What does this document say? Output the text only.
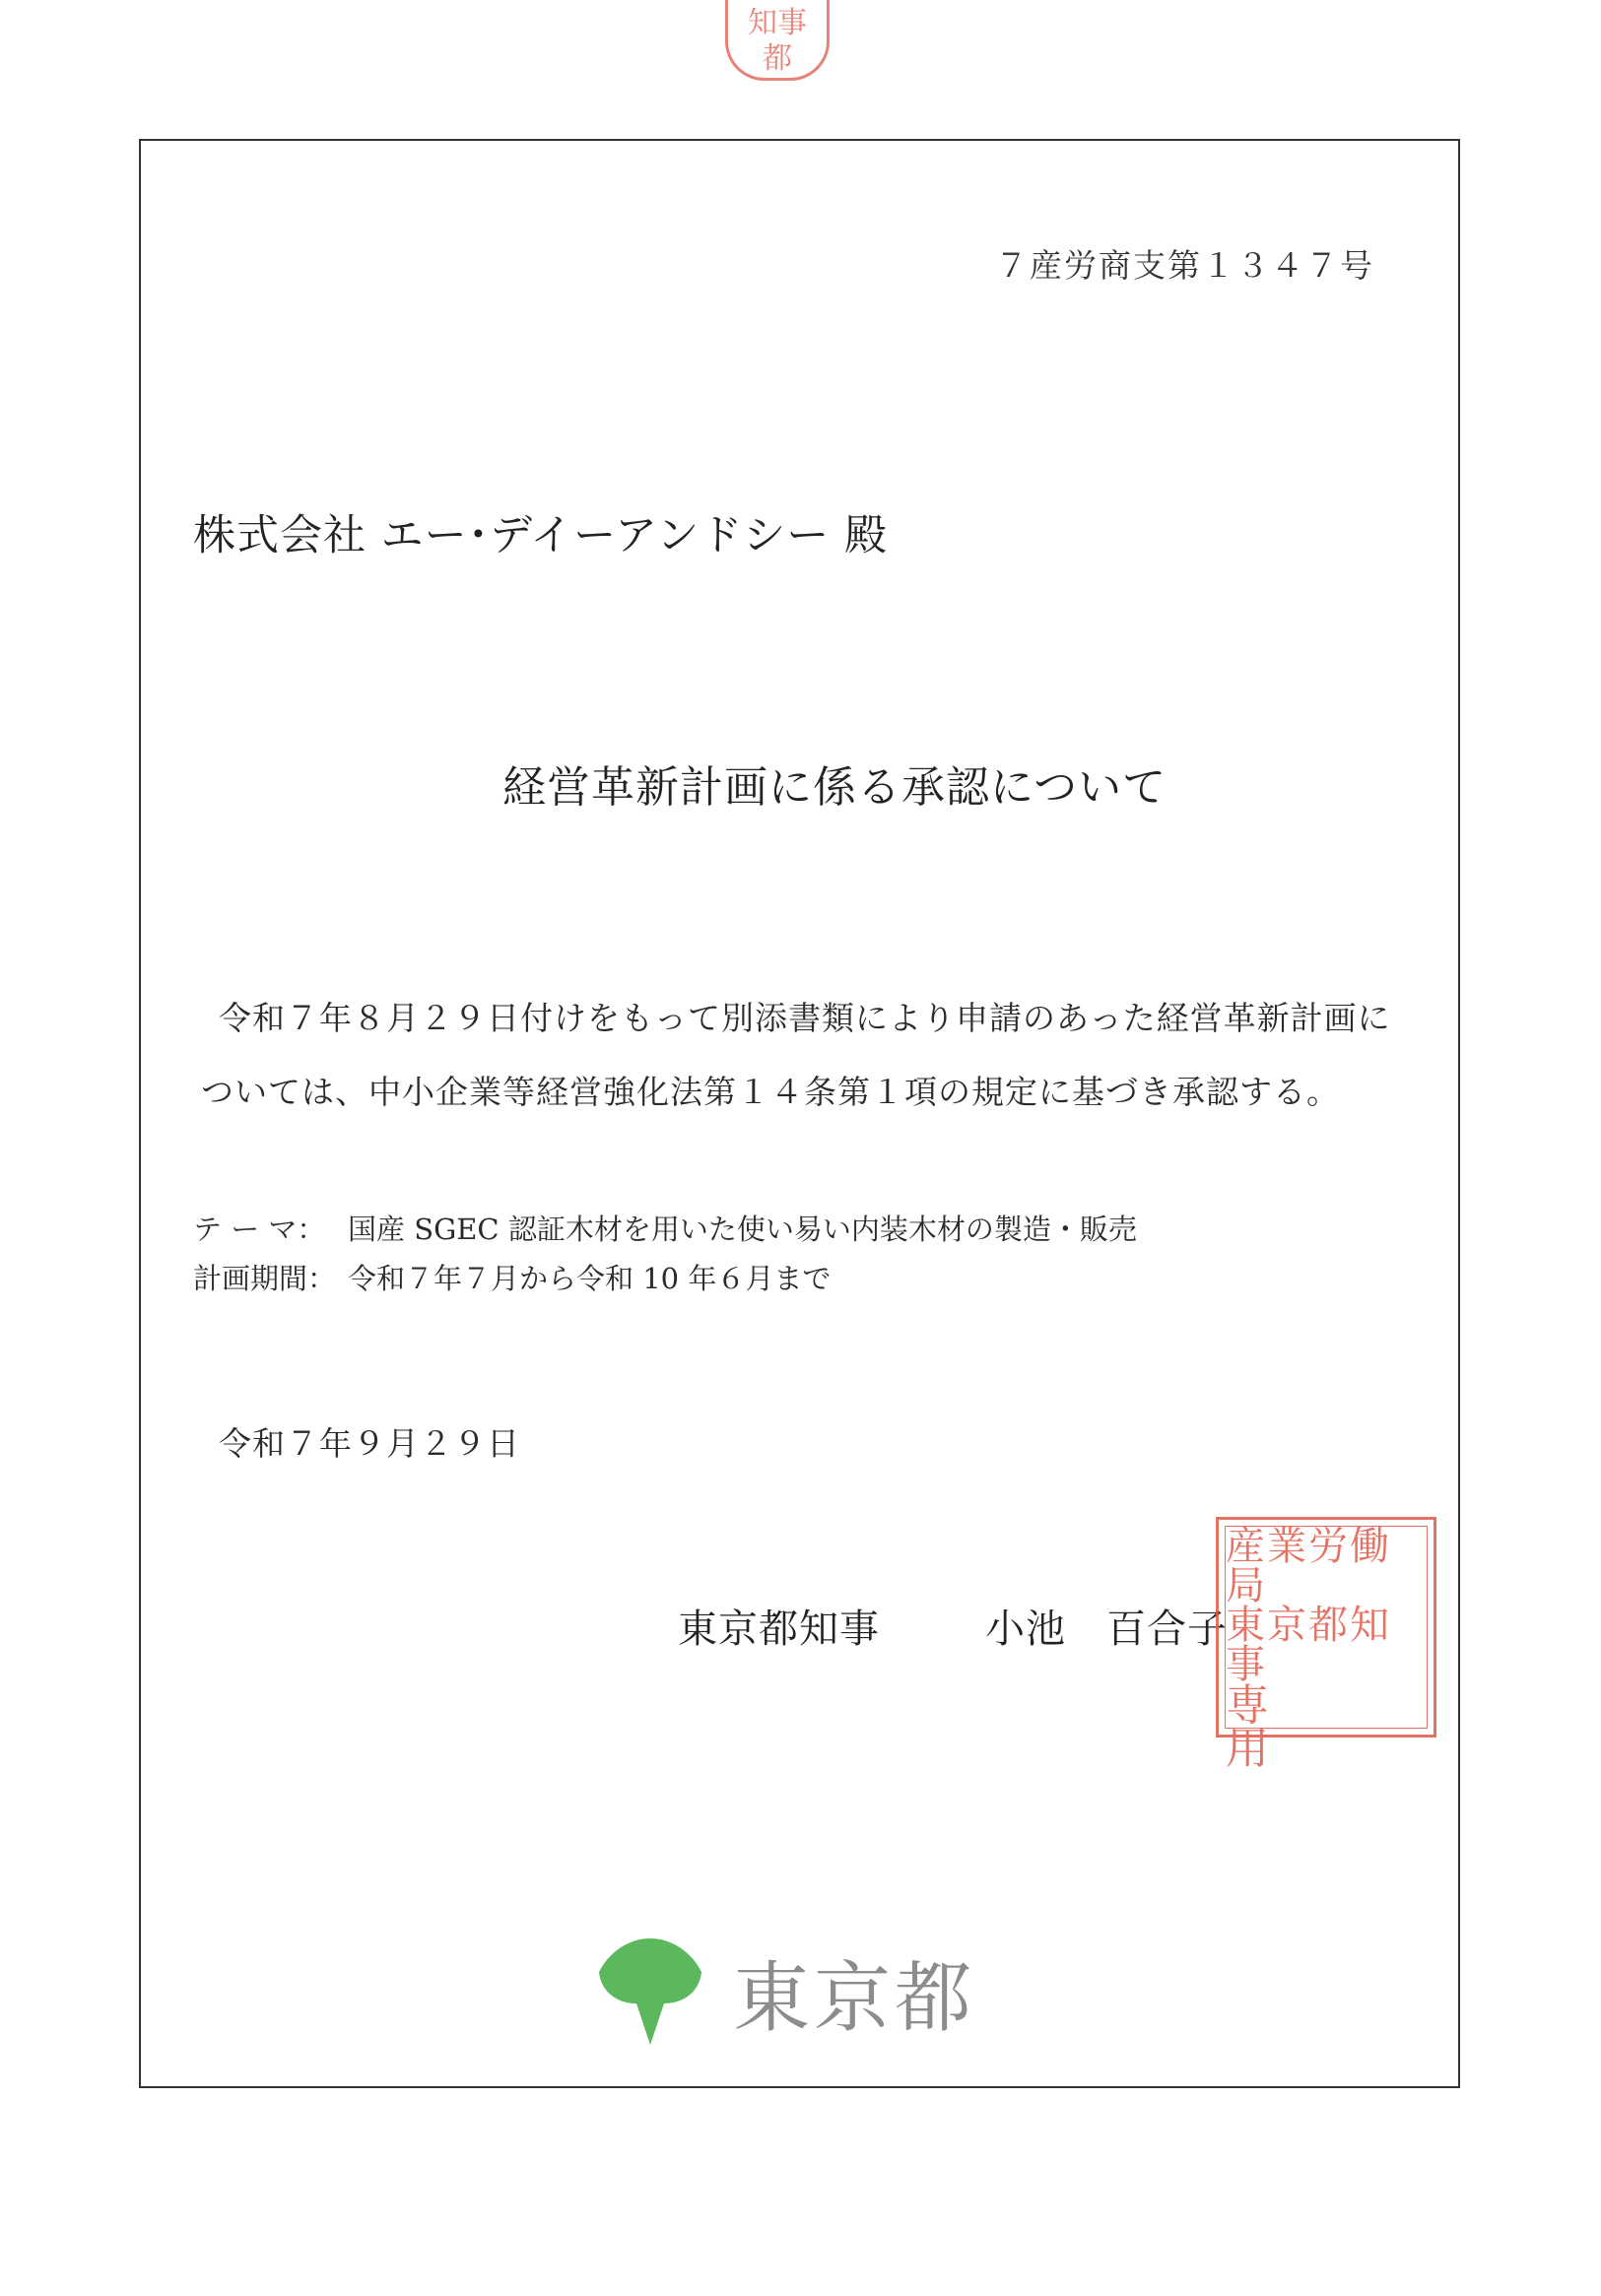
知事
都
７産労商支第１３４７号
株式会社 エー･デイーアンドシー 殿
経営革新計画に係る承認について
令和７年８月２９日付けをもって別添書類により申請のあった経営革新計画に
ついては、中小企業等経営強化法第１４条第１項の規定に基づき承認する。
テ ー マ： 国産 SGEC 認証木材を用いた使い易い内装木材の製造・販売
計画期間： 令和７年７月から令和 10 年６月まで
令和７年９月２９日
東京都知事	小池　百合子
産業労働局
東京都知事
専用
東京都
